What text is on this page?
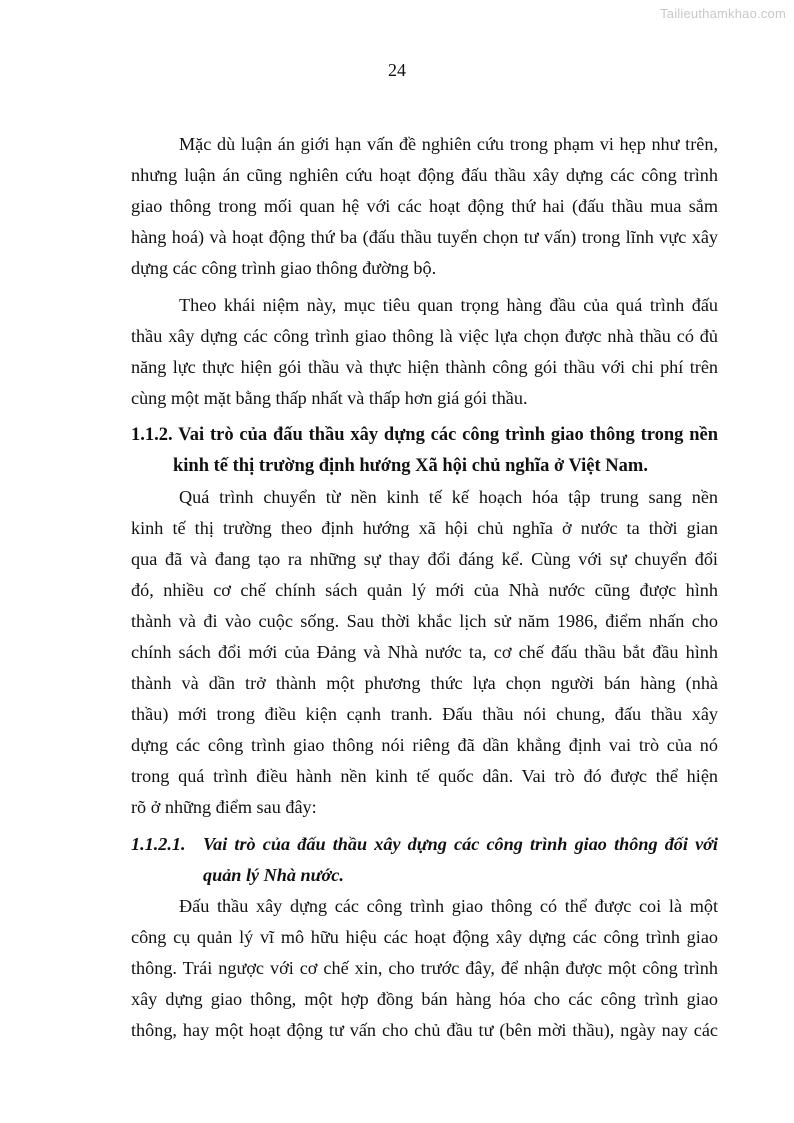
Tailieuthamkhao.com
24
Mặc dù luận án giới hạn vấn đề nghiên cứu trong phạm vi hẹp như trên,
nhưng luận án cũng nghiên cứu hoạt động đấu thầu xây dựng các công trình
giao thông trong mối quan hệ với các hoạt động thứ hai (đấu thầu mua sắm
hàng hoá) và hoạt động thứ ba (đấu thầu tuyển chọn tư vấn) trong lĩnh vực xây
dựng các công trình giao thông đường bộ.
Theo khái niệm này, mục tiêu quan trọng hàng đầu của quá trình đấu
thầu xây dựng các công trình giao thông là việc lựa chọn được nhà thầu có đủ
năng lực thực hiện gói thầu và thực hiện thành công gói thầu với chi phí trên
cùng một mặt bằng thấp nhất và thấp hơn giá gói thầu.
1.1.2. Vai trò của đấu thầu xây dựng các công trình giao thông trong nền
kinh tế thị trường định hướng Xã hội chủ nghĩa ở Việt Nam.
Quá trình chuyển từ nền kinh tế kế hoạch hóa tập trung sang nền
kinh tế thị trường theo định hướng xã hội chủ nghĩa ở nước ta thời gian
qua đã và đang tạo ra những sự thay đổi đáng kể. Cùng với sự chuyển đổi
đó, nhiều cơ chế chính sách quản lý mới của Nhà nước cũng được hình
thành và đi vào cuộc sống. Sau thời khắc lịch sử năm 1986, điểm nhấn cho
chính sách đổi mới của Đảng và Nhà nước ta, cơ chế đấu thầu bắt đầu hình
thành và dần trở thành một phương thức lựa chọn người bán hàng (nhà
thầu) mới trong điều kiện cạnh tranh. Đấu thầu nói chung, đấu thầu xây
dựng các công trình giao thông nói riêng đã dần khẳng định vai trò của nó
trong quá trình điều hành nền kinh tế quốc dân. Vai trò đó được thể hiện
rõ ở những điểm sau đây:
1.1.2.1. Vai trò của đấu thầu xây dựng các công trình giao thông đối với
quản lý Nhà nước.
Đấu thầu xây dựng các công trình giao thông có thể được coi là một
công cụ quản lý vĩ mô hữu hiệu các hoạt động xây dựng các công trình giao
thông. Trái ngược với cơ chế xin, cho trước đây, để nhận được một công trình
xây dựng giao thông, một hợp đồng bán hàng hóa cho các công trình giao
thông, hay một hoạt động tư vấn cho chủ đầu tư (bên mời thầu), ngày nay các
